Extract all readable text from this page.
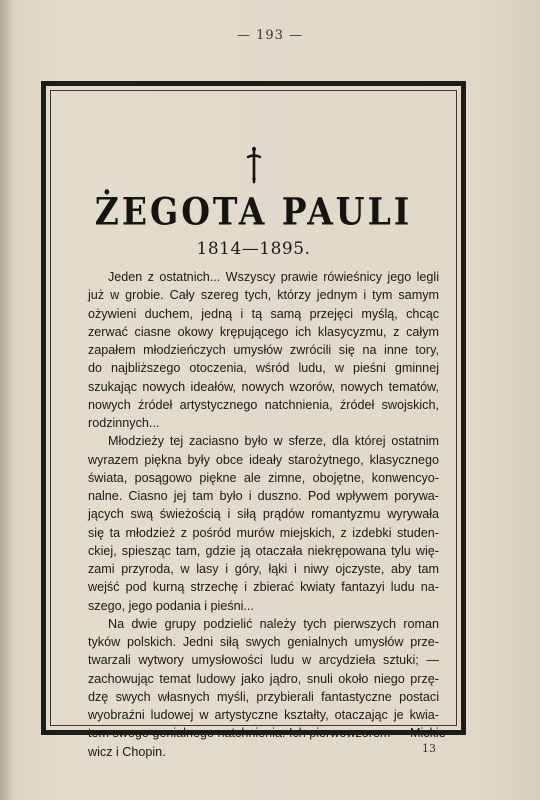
— 193 —
ŻEGOTA PAULI
1814—1895.
Jeden z ostatnich... Wszyscy prawie rówieśnicy jego legli
już w grobie. Cały szereg tych, którzy jednym i tym samym
ożywieni duchem, jedną i tą samą przejęci myślą, chcąc
zerwać ciasne okowy krępującego ich klasycyzmu, z całym
zapałem młodzieńczych umysłów zwrócili się na inne tory,
do najbliższego otoczenia, wśród ludu, w pieśni gminnej
szukając nowych ideałów, nowych wzorów, nowych tematów,
nowych źródeł artystycznego natchnienia, źródeł swojskich,
rodzinnych...
Młodzieży tej zaciasno było w sferze, dla której ostatnim
wyrazem piękna były obce ideały starożytnego, klasycznego
świata, posągowo piękne ale zimne, obojętne, konwencyo-
nalne. Ciasno jej tam było i duszno. Pod wpływem porywa-
jących swą świeżością i siłą prądów romantyzmu wyrywała
się ta młodzież z pośród murów miejskich, z izdebki studen-
ckiej, spiesząc tam, gdzie ją otaczała niekrępowana tylu wię-
zami przyroda, w lasy i góry, łąki i niwy ojczyste, aby tam
wejść pod kurną strzechę i zbierać kwiaty fantazyi ludu na-
szego, jego podania i pieśni...
Na dwie grupy podzielić należy tych pierwszych roman
tyków polskich. Jedni siłą swych genialnych umysłów prze-
twarzali wytwory umysłowości ludu w arcydzieła sztuki; —
zachowując temat ludowy jako jądro, snuli około niego przę-
dzę swych własnych myśli, przybierali fantastyczne postaci
wyobraźni ludowej w artystyczne kształty, otaczając je kwia-
tem swego genialnego natchnienia. Ich pierwowzorem — Mickie-
wicz i Chopin.	13
